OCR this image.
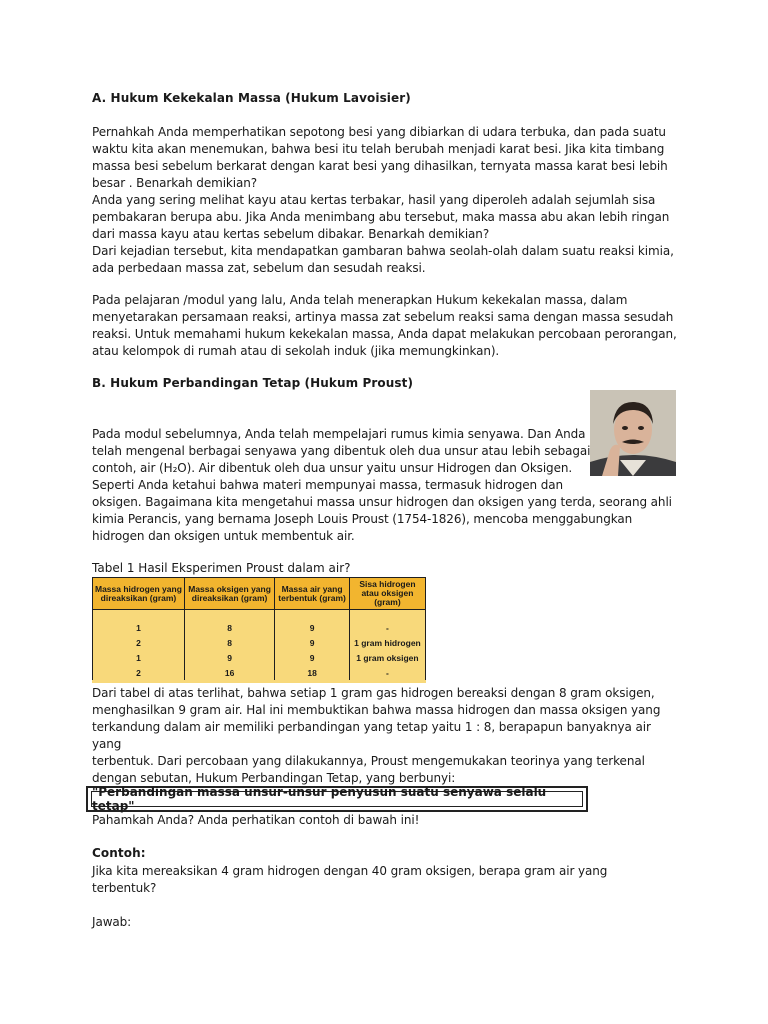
A. Hukum Kekekalan Massa (Hukum Lavoisier)

Pernahkah Anda memperhatikan sepotong besi yang dibiarkan di udara terbuka, dan pada suatu

waktu kita akan menemukan, bahwa besi itu telah berubah menjadi karat besi. Jika kita timbang

massa besi sebelum berkarat dengan karat besi yang dihasilkan, ternyata massa karat besi lebih

besar . Benarkah demikian?

Anda yang sering melihat kayu atau kertas terbakar, hasil yang diperoleh adalah sejumlah sisa

pembakaran berupa abu. Jika Anda menimbang abu tersebut, maka massa abu akan lebih ringan

dari massa kayu atau kertas sebelum dibakar. Benarkah demikian?

Dari kejadian tersebut, kita mendapatkan gambaran bahwa seolah-olah dalam suatu reaksi kimia,

ada perbedaan massa zat, sebelum dan sesudah reaksi.

Pada pelajaran /modul yang lalu, Anda telah menerapkan Hukum kekekalan massa, dalam

menyetarakan persamaan reaksi, artinya massa zat sebelum reaksi sama dengan massa sesudah

reaksi. Untuk memahami hukum kekekalan massa, Anda dapat melakukan percobaan perorangan,

atau kelompok di rumah atau di sekolah induk (jika memungkinkan).

B. Hukum Perbandingan Tetap (Hukum Proust)

Pada modul sebelumnya, Anda telah mempelajari rumus kimia senyawa. Dan Anda

telah mengenal berbagai senyawa yang dibentuk oleh dua unsur atau lebih sebagai

contoh, air (H₂O). Air dibentuk oleh dua unsur yaitu unsur Hidrogen dan Oksigen.

Seperti Anda ketahui bahwa materi mempunyai massa, termasuk hidrogen dan

oksigen. Bagaimana kita mengetahui massa unsur hidrogen dan oksigen yang terda, seorang ahli

kimia Perancis, yang bernama Joseph Louis Proust (1754-1826), mencoba menggabungkan

hidrogen dan oksigen untuk membentuk air.

Tabel 1 Hasil Eksperimen Proust dalam air?
Massa hidrogen yang direaksikan (gram)	Massa oksigen yang direaksikan (gram)	Massa air yang terbentuk (gram)	Sisa hidrogen atau oksigen (gram)

1	8	9	-
2	8	9	1 gram hidrogen
1	9	9	1 gram oksigen
2	16	18	-

Dari tabel di atas terlihat, bahwa setiap 1 gram gas hidrogen bereaksi dengan 8 gram oksigen,

menghasilkan 9 gram air. Hal ini membuktikan bahwa massa hidrogen dan massa oksigen yang

terkandung dalam air memiliki perbandingan yang tetap yaitu 1 : 8, berapapun banyaknya air yang

terbentuk. Dari percobaan yang dilakukannya, Proust mengemukakan teorinya yang terkenal

dengan sebutan, Hukum Perbandingan Tetap, yang berbunyi:

"Perbandingan massa unsur-unsur penyusun suatu senyawa selalu tetap"
Pahamkah Anda? Anda perhatikan contoh di bawah ini!
Contoh:

Jika kita mereaksikan 4 gram hidrogen dengan 40 gram oksigen, berapa gram air yang

terbentuk?

Jawab:
